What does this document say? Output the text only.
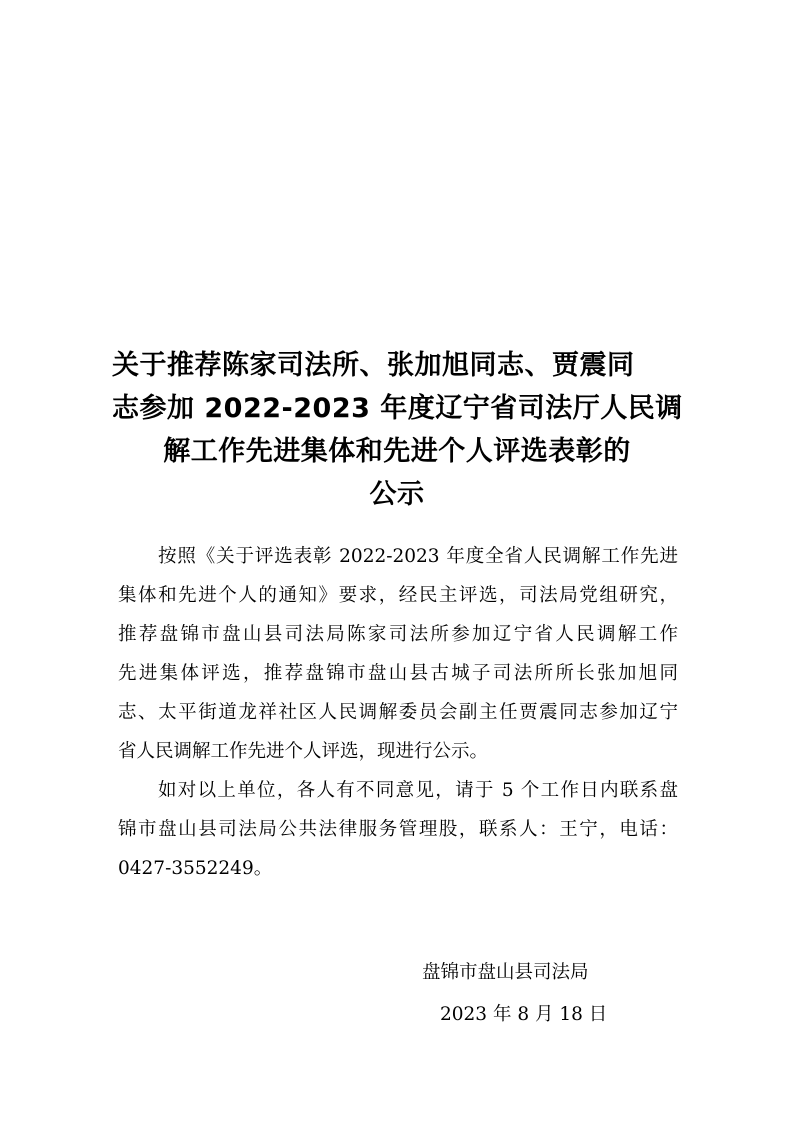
关于推荐陈家司法所、张加旭同志、贾震同
志参加 2022-2023 年度辽宁省司法厅人民调
解工作先进集体和先进个人评选表彰的
公示
按照《关于评选表彰 2022-2023 年度全省人民调解工作先进
集体和先进个人的通知》要求，经民主评选，司法局党组研究，
推荐盘锦市盘山县司法局陈家司法所参加辽宁省人民调解工作
先进集体评选，推荐盘锦市盘山县古城子司法所所长张加旭同
志、太平街道龙祥社区人民调解委员会副主任贾震同志参加辽宁
省人民调解工作先进个人评选，现进行公示。
如对以上单位，各人有不同意见，请于 5 个工作日内联系盘
锦市盘山县司法局公共法律服务管理股，联系人：王宁，电话：
0427-3552249。
盘锦市盘山县司法局
2023 年 8 月 18 日
